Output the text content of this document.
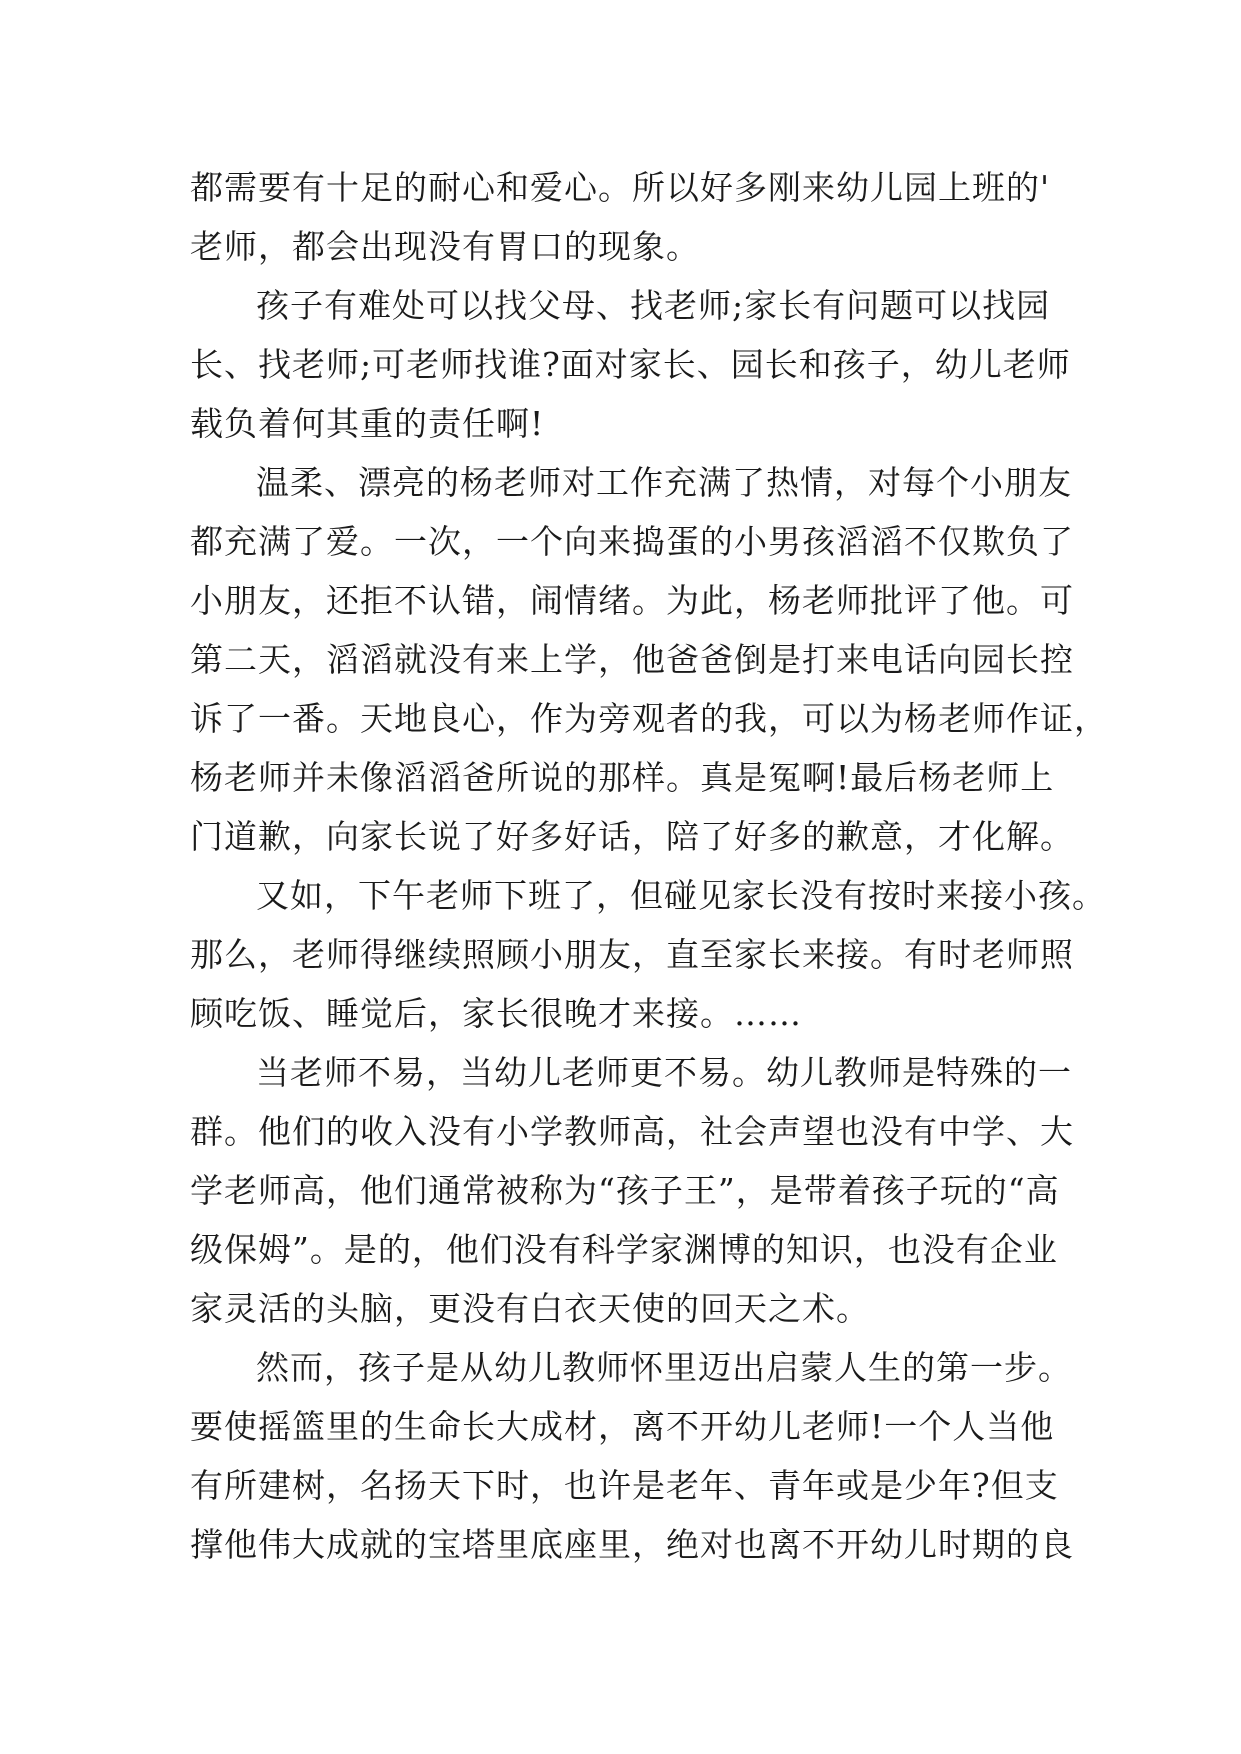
都需要有十足的耐心和爱心。所以好多刚来幼儿园上班的'
老师，都会出现没有胃口的现象。
孩子有难处可以找父母、找老师;家长有问题可以找园
长、找老师;可老师找谁?面对家长、园长和孩子，幼儿老师
载负着何其重的责任啊!
温柔、漂亮的杨老师对工作充满了热情，对每个小朋友
都充满了爱。一次，一个向来捣蛋的小男孩滔滔不仅欺负了
小朋友，还拒不认错，闹情绪。为此，杨老师批评了他。可
第二天，滔滔就没有来上学，他爸爸倒是打来电话向园长控
诉了一番。天地良心，作为旁观者的我，可以为杨老师作证，
杨老师并未像滔滔爸所说的那样。真是冤啊!最后杨老师上
门道歉，向家长说了好多好话，陪了好多的歉意，才化解。
又如，下午老师下班了，但碰见家长没有按时来接小孩。
那么，老师得继续照顾小朋友，直至家长来接。有时老师照
顾吃饭、睡觉后，家长很晚才来接。……
当老师不易，当幼儿老师更不易。幼儿教师是特殊的一
群。他们的收入没有小学教师高，社会声望也没有中学、大
学老师高，他们通常被称为“孩子王”，是带着孩子玩的“高
级保姆”。是的，他们没有科学家渊博的知识，也没有企业
家灵活的头脑，更没有白衣天使的回天之术。
然而，孩子是从幼儿教师怀里迈出启蒙人生的第一步。
要使摇篮里的生命长大成材，离不开幼儿老师!一个人当他
有所建树，名扬天下时，也许是老年、青年或是少年?但支
撑他伟大成就的宝塔里底座里，绝对也离不开幼儿时期的良
